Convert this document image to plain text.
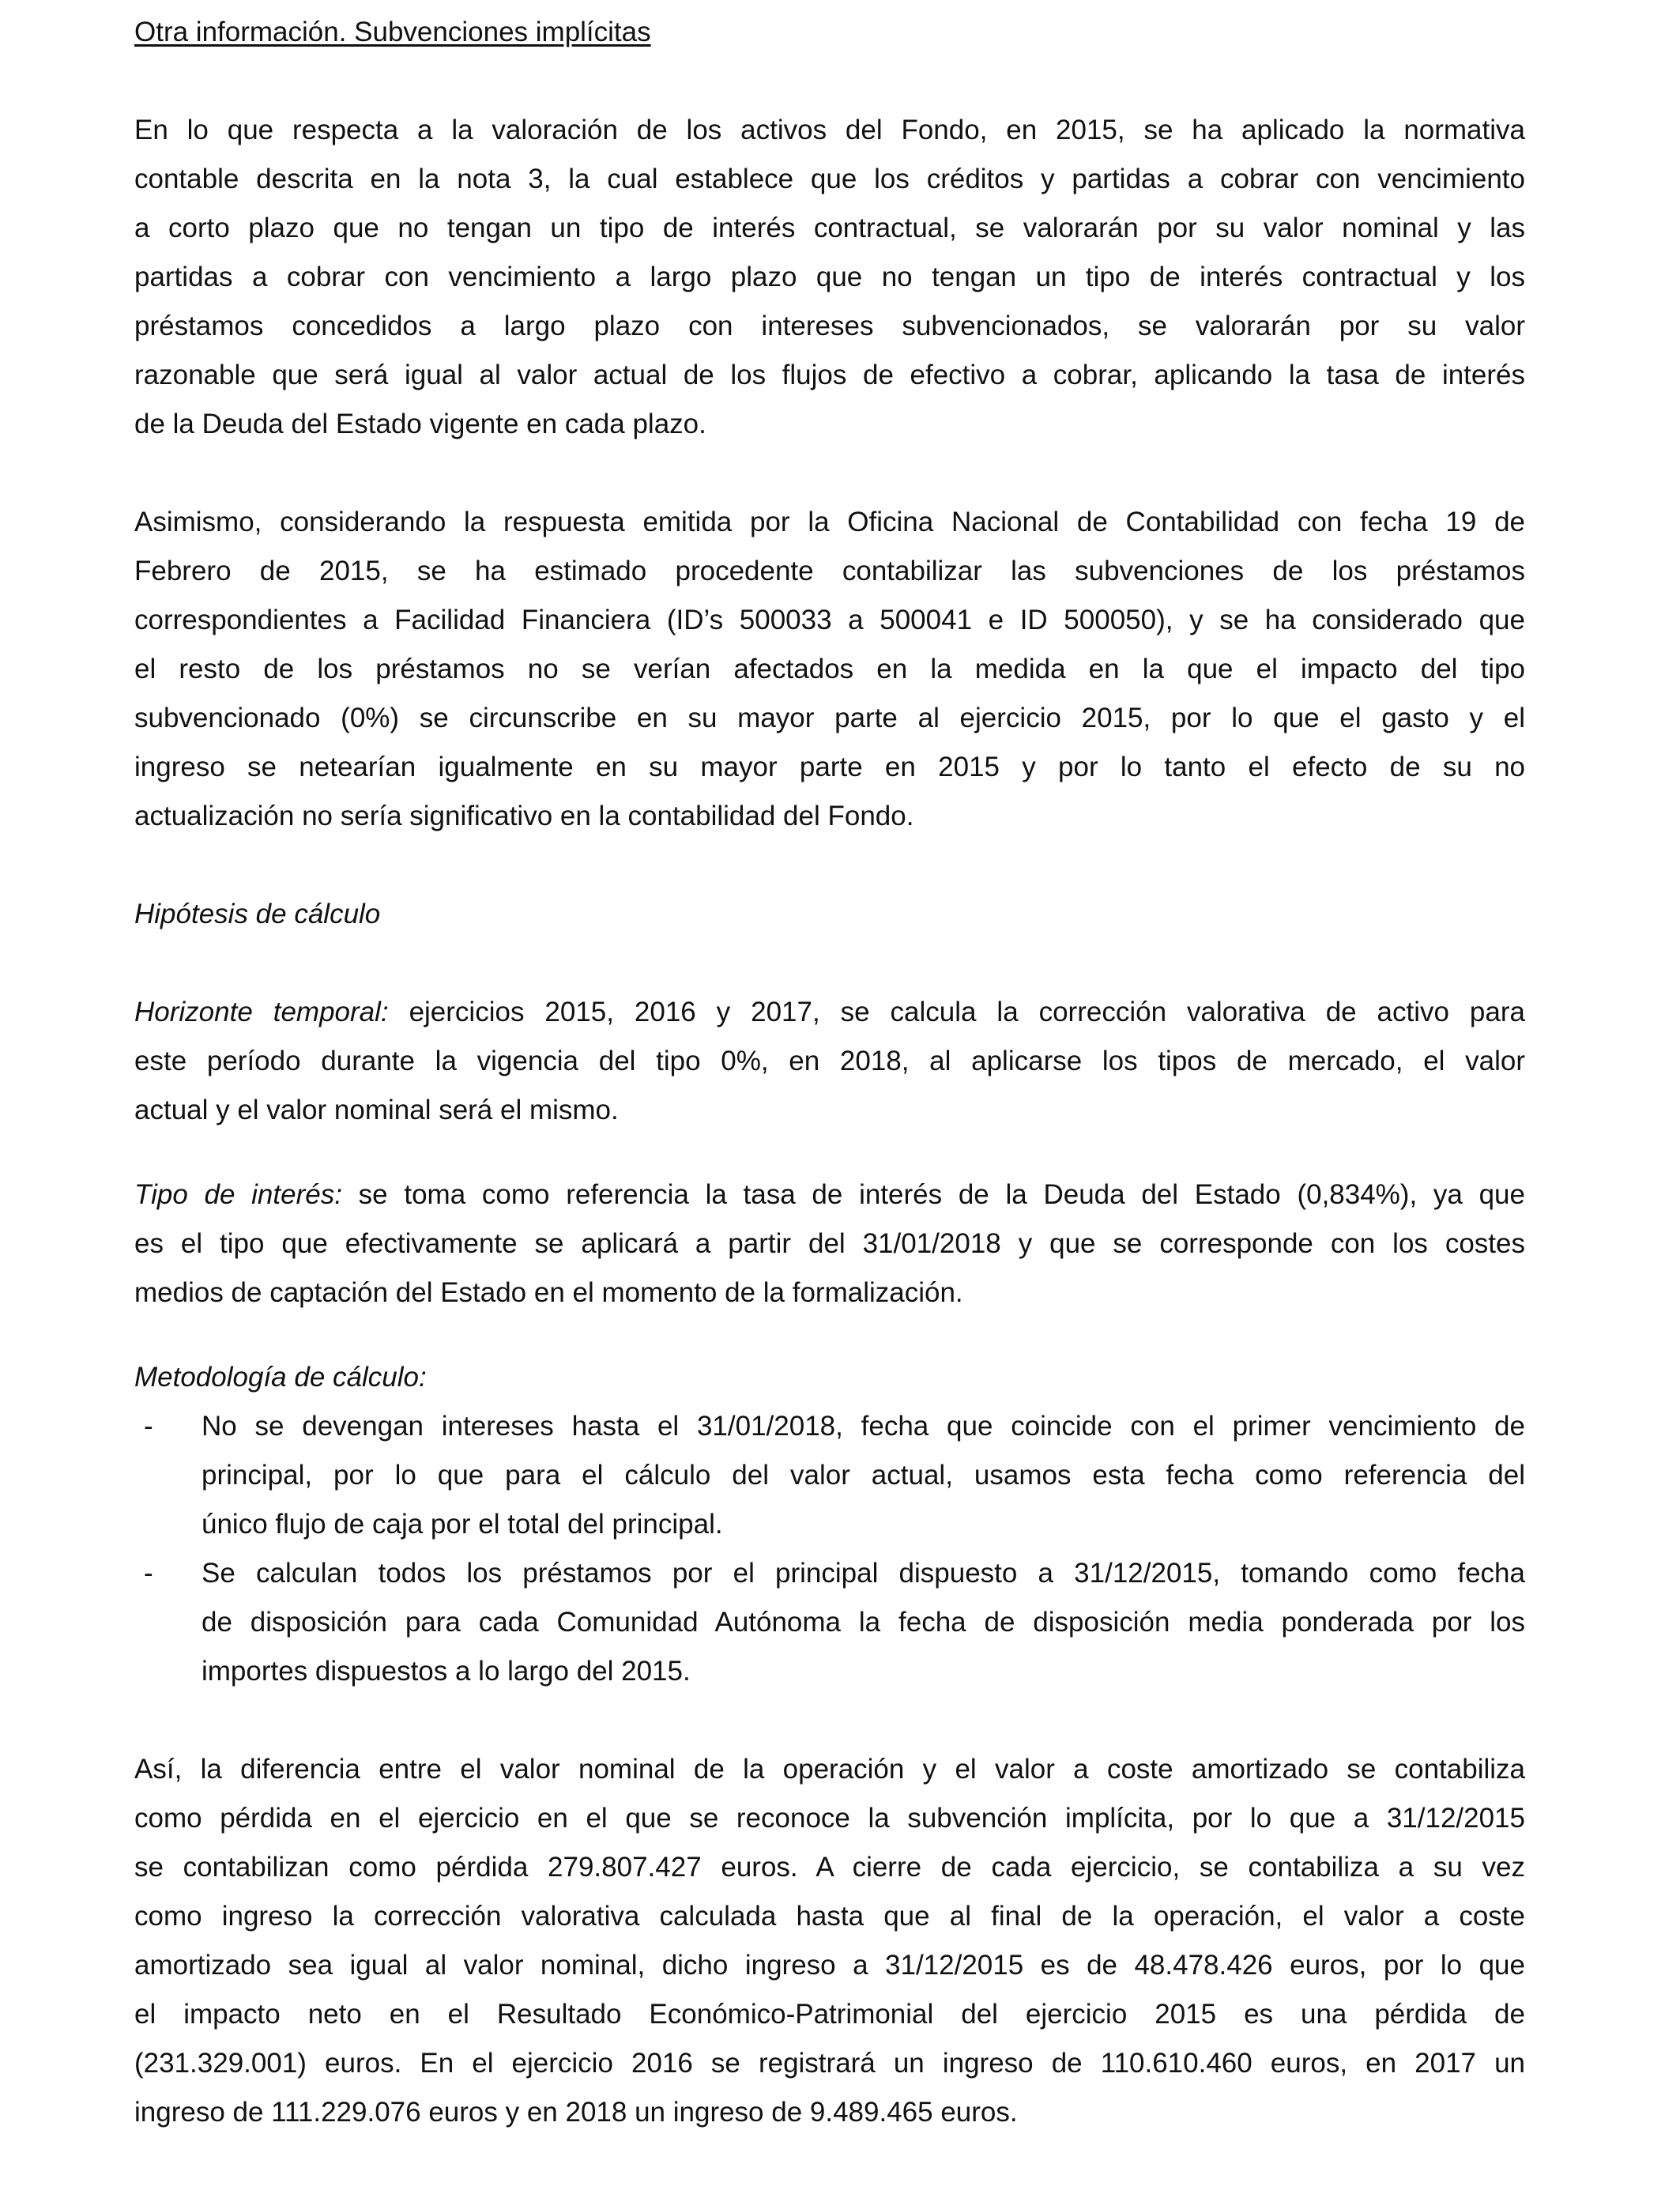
Otra información. Subvenciones implícitas
En lo que respecta a la valoración de los activos del Fondo, en 2015, se ha aplicado la normativa
contable descrita en la nota 3, la cual establece que los créditos y partidas a cobrar con vencimiento
a corto plazo que no tengan un tipo de interés contractual, se valorarán por su valor nominal y las
partidas a cobrar con vencimiento a largo plazo que no tengan un tipo de interés contractual y los
préstamos concedidos a largo plazo con intereses subvencionados, se valorarán por su valor
razonable que será igual al valor actual de los flujos de efectivo a cobrar, aplicando la tasa de interés
de la Deuda del Estado vigente en cada plazo.
Asimismo, considerando la respuesta emitida por la Oficina Nacional de Contabilidad con fecha 19 de
Febrero de 2015, se ha estimado procedente contabilizar las subvenciones de los préstamos
correspondientes a Facilidad Financiera (ID’s 500033 a 500041 e ID 500050), y se ha considerado que
el resto de los préstamos no se verían afectados en la medida en la que el impacto del tipo
subvencionado (0%) se circunscribe en su mayor parte al ejercicio 2015, por lo que el gasto y el
ingreso se netearían igualmente en su mayor parte en 2015 y por lo tanto el efecto de su no
actualización no sería significativo en la contabilidad del Fondo.
Hipótesis de cálculo
Horizonte temporal: ejercicios 2015, 2016 y 2017, se calcula la corrección valorativa de activo para
este período durante la vigencia del tipo 0%, en 2018, al aplicarse los tipos de mercado, el valor
actual y el valor nominal será el mismo.
Tipo de interés: se toma como referencia la tasa de interés de la Deuda del Estado (0,834%), ya que
es el tipo que efectivamente se aplicará a partir del 31/01/2018 y que se corresponde con los costes
medios de captación del Estado en el momento de la formalización.
Metodología de cálculo:
- No se devengan intereses hasta el 31/01/2018, fecha que coincide con el primer vencimiento de
principal, por lo que para el cálculo del valor actual, usamos esta fecha como referencia del
único flujo de caja por el total del principal.
- Se calculan todos los préstamos por el principal dispuesto a 31/12/2015, tomando como fecha
de disposición para cada Comunidad Autónoma la fecha de disposición media ponderada por los
importes dispuestos a lo largo del 2015.
Así, la diferencia entre el valor nominal de la operación y el valor a coste amortizado se contabiliza
como pérdida en el ejercicio en el que se reconoce la subvención implícita, por lo que a 31/12/2015
se contabilizan como pérdida 279.807.427 euros. A cierre de cada ejercicio, se contabiliza a su vez
como ingreso la corrección valorativa calculada hasta que al final de la operación, el valor a coste
amortizado sea igual al valor nominal, dicho ingreso a 31/12/2015 es de 48.478.426 euros, por lo que
el impacto neto en el Resultado Económico-Patrimonial del ejercicio 2015 es una pérdida de
(231.329.001) euros. En el ejercicio 2016 se registrará un ingreso de 110.610.460 euros, en 2017 un
ingreso de 111.229.076 euros y en 2018 un ingreso de 9.489.465 euros.
